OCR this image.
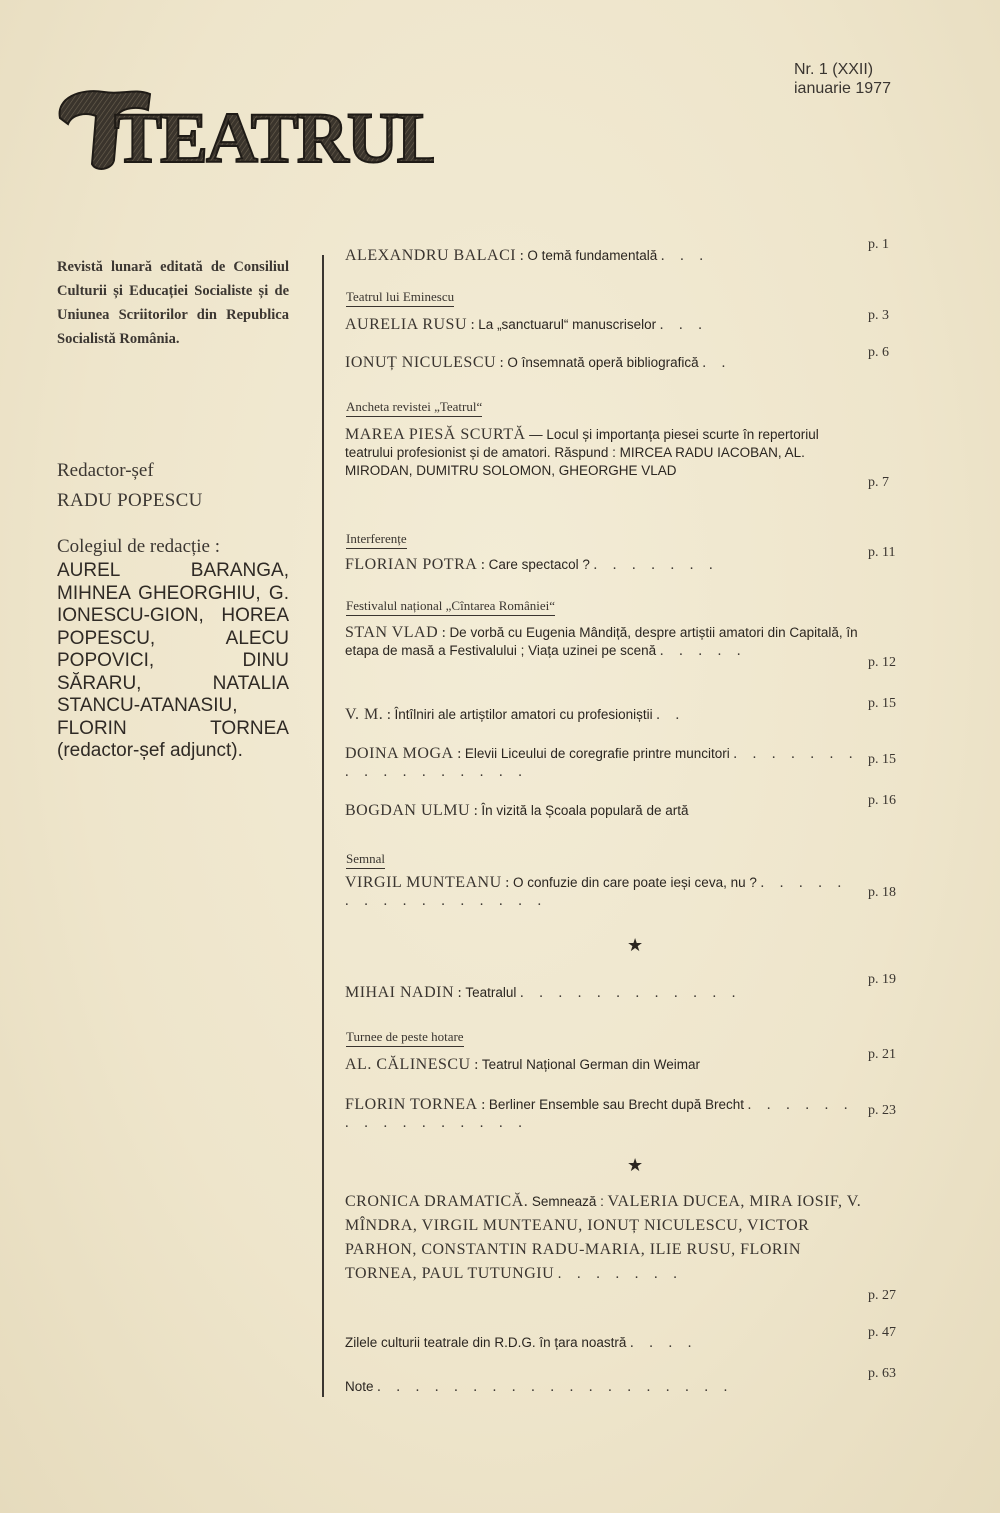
TEATRUL
Nr. 1 (XXII)
ianuarie 1977
Revistă lunară editată de Consiliul Culturii și Educației Socialiste și de Uniunea Scriitorilor din Republica Socialistă România.
Redactor-șef
RADU POPESCU
Colegiul de redacție :
AUREL BARANGA, MIHNEA GHEORGHIU, G. IONESCU-GION, HOREA POPESCU, ALECU POPOVICI, DINU SĂRARU, NATALIA STANCU-ATANASIU, FLORIN TORNEA (redactor-șef adjunct).
ALEXANDRU BALACI : O temă fundamentală . . .
p. 1
Teatrul lui Eminescu
AURELIA RUSU : La „sanctuarul“ manuscriselor . . .
p. 3
IONUȚ NICULESCU : O însemnată operă bibliografică . .
p. 6
Ancheta revistei „Teatrul“
MAREA PIESĂ SCURTĂ — Locul și importanța piesei scurte în repertoriul teatrului profesionist și de amatori. Răspund : MIRCEA RADU IACOBAN, AL. MIRODAN, DUMITRU SOLOMON, GHEORGHE VLAD
p. 7
Interferențe
FLORIAN POTRA : Care spectacol ? . . . . . . .
p. 11
Festivalul național „Cîntarea României“
STAN VLAD : De vorbă cu Eugenia Mândiță, despre artiștii amatori din Capitală, în etapa de masă a Festivalului ; Viața uzinei pe scenă . . . . .
p. 12
V. M. : Întîlniri ale artiștilor amatori cu profesioniștii . .
p. 15
DOINA MOGA : Elevii Liceului de coregrafie printre muncitori . . . . . . . . . . . . . . . . .
p. 15
BOGDAN ULMU : În vizită la Școala populară de artă
p. 16
Semnal
VIRGIL MUNTEANU : O confuzie din care poate ieși ceva, nu ? . . . . . . . . . . . . . . . .
p. 18
★
MIHAI NADIN : Teatralul . . . . . . . . . . . .
p. 19
Turnee de peste hotare
AL. CĂLINESCU : Teatrul Național German din Weimar
p. 21
FLORIN TORNEA : Berliner Ensemble sau Brecht după Brecht . . . . . . . . . . . . . . . .
p. 23
★
CRONICA DRAMATICĂ. Semnează : VALERIA DUCEA, MIRA IOSIF, V. MÎNDRA, VIRGIL MUNTEANU, IONUȚ NICULESCU, VICTOR PARHON, CONSTANTIN RADU-MARIA, ILIE RUSU, FLORIN TORNEA, PAUL TUTUNGIU . . . . . . .
p. 27
Zilele culturii teatrale din R.D.G. în țara noastră . . . .
p. 47
Note . . . . . . . . . . . . . . . . . . .
p. 63
